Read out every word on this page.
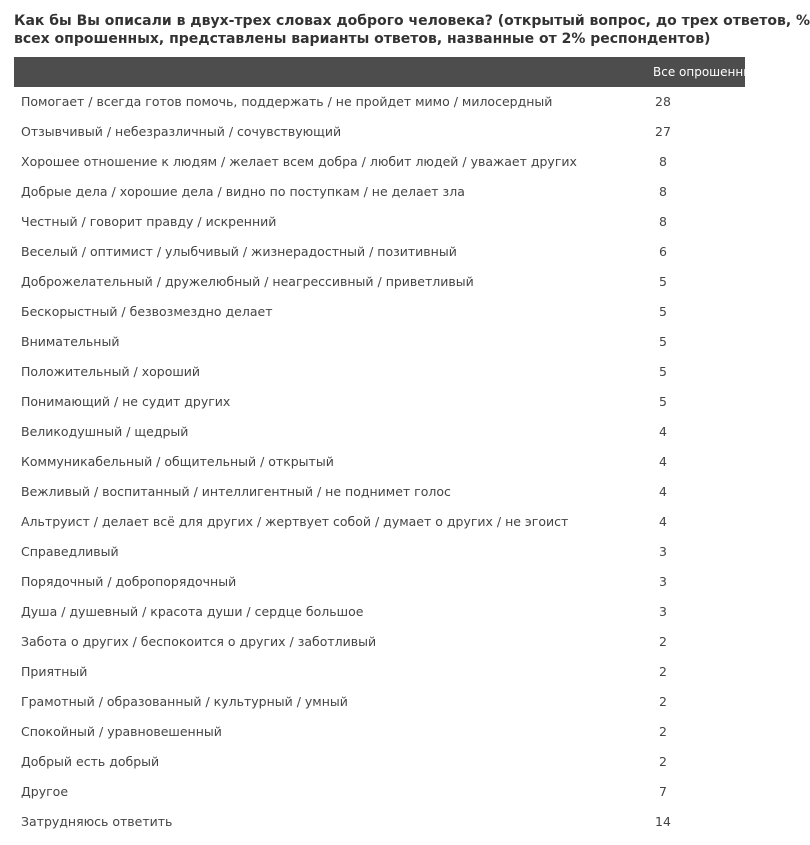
Как бы Вы описали в двух-трех словах доброго человека? (открытый вопрос, до трех ответов, %
всех опрошенных, представлены варианты ответов, названные от 2% респондентов)
Все опрошенные
Помогает / всегда готов помочь, поддержать / не пройдет мимо / милосердный	28
Отзывчивый / небезразличный / сочувствующий	27
Хорошее отношение к людям / желает всем добра / любит людей / уважает других	8
Добрые дела / хорошие дела / видно по поступкам / не делает зла	8
Честный / говорит правду / искренний	8
Веселый / оптимист / улыбчивый / жизнерадостный / позитивный	6
Доброжелательный / дружелюбный / неагрессивный / приветливый	5
Бескорыстный / безвозмездно делает	5
Внимательный	5
Положительный / хороший	5
Понимающий / не судит других	5
Великодушный / щедрый	4
Коммуникабельный / общительный / открытый	4
Вежливый / воспитанный / интеллигентный / не поднимет голос	4
Альтруист / делает всё для других / жертвует собой / думает о других / не эгоист	4
Справедливый	3
Порядочный / добропорядочный	3
Душа / душевный / красота души / сердце большое	3
Забота о других / беспокоится о других / заботливый	2
Приятный	2
Грамотный / образованный / культурный / умный	2
Спокойный / уравновешенный	2
Добрый есть добрый	2
Другое	7
Затрудняюсь ответить	14
